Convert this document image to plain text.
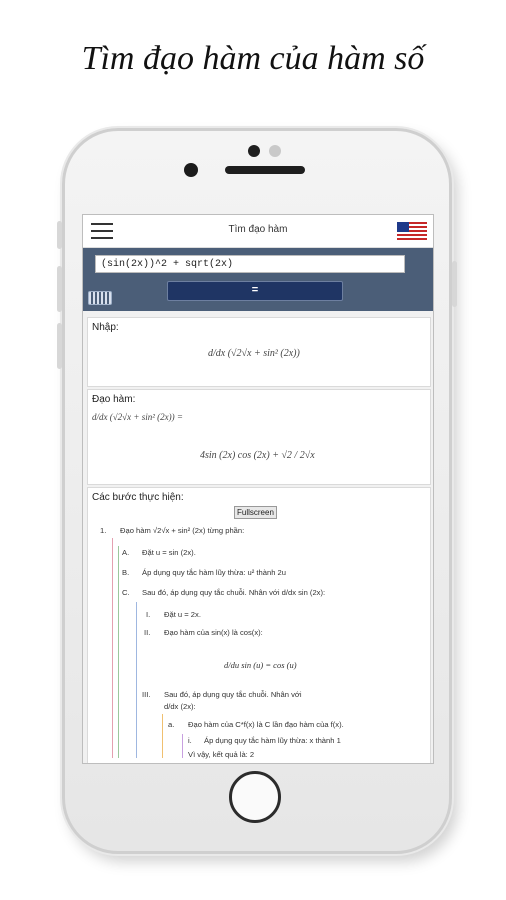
Tìm đạo hàm của hàm số
Tìm đạo hàm
(sin(2x))^2 + sqrt(2x)
=
Nhập:
d/dx (√2√x + sin² (2x))
Đạo hàm:
d/dx (√2√x + sin² (2x)) =
4sin (2x) cos (2x) + √2 / 2√x
Các bước thực hiện:
Fullscreen
1. Đạo hàm √2√x + sin² (2x) từng phần:
A. Đặt u = sin (2x).
B. Áp dụng quy tắc hàm lũy thừa: u² thành 2u
C. Sau đó, áp dụng quy tắc chuỗi. Nhân với d/dx sin (2x):
I. Đặt u = 2x.
II. Đạo hàm của sin(x) là cos(x):
d/du sin (u) = cos (u)
III. Sau đó, áp dụng quy tắc chuỗi. Nhân với
d/dx (2x):
a. Đạo hàm của C*f(x) là C lần đạo hàm của f(x).
i. Áp dụng quy tắc hàm lũy thừa: x thành 1
Vì vậy, kết quả là: 2
